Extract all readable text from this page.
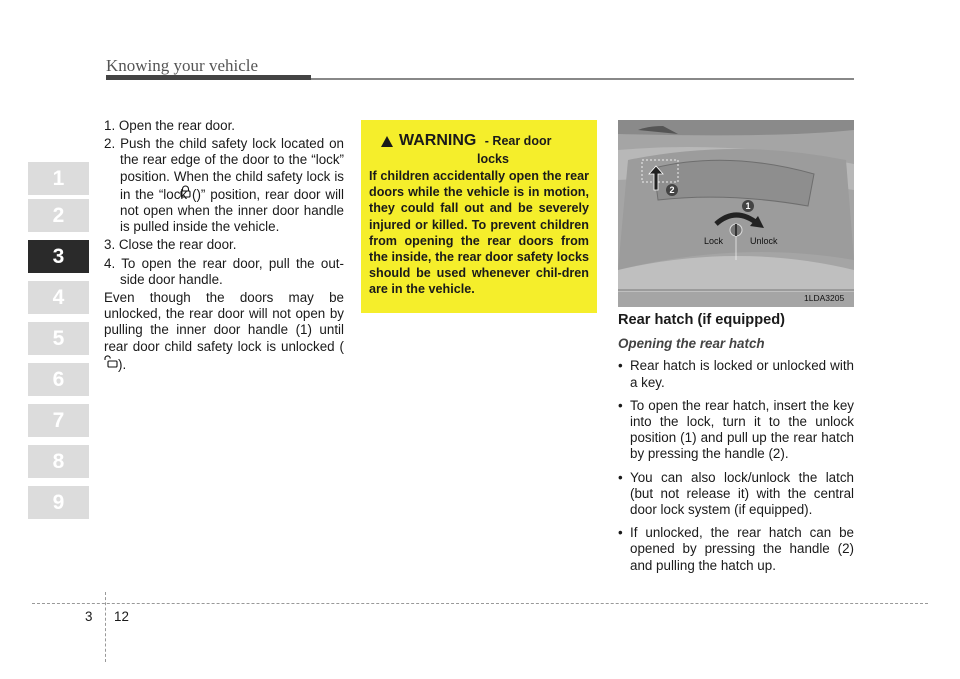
Knowing your vehicle
1
2
3
4
5
6
7
8
9

1. Open the rear door.

2. Push the child safety lock located on the rear edge of the door to the “lock” position. When the child safety lock is in the “lock ()” position, rear door will not open when the inner door handle is pulled inside the vehicle.

3. Close the rear door.

4. To open the rear door, pull the out-side door handle.

Even though the doors may be unlocked, the rear door will not open by pulling the inner door handle (1) until rear door child safety lock is unlocked ().

WARNING - Rear door
locks
If children accidentally open the rear doors while the vehicle is in motion, they could fall out and be severely injured or killed. To prevent children from opening the rear doors from the inside, the rear door safety locks should be used whenever chil-dren are in the vehicle.
2
1
Lock	Unlock
1LDA3205
Rear hatch (if equipped)
Opening the rear hatch
• Rear hatch is locked or unlocked with a key.
• To open the rear hatch, insert the key into the lock, turn it to the unlock position (1) and pull up the rear hatch by pressing the handle (2).
• You can also lock/unlock the latch (but not release it) with the central door lock system (if equipped).
• If unlocked, the rear hatch can be opened by pressing the handle (2) and pulling the hatch up.
3 12
